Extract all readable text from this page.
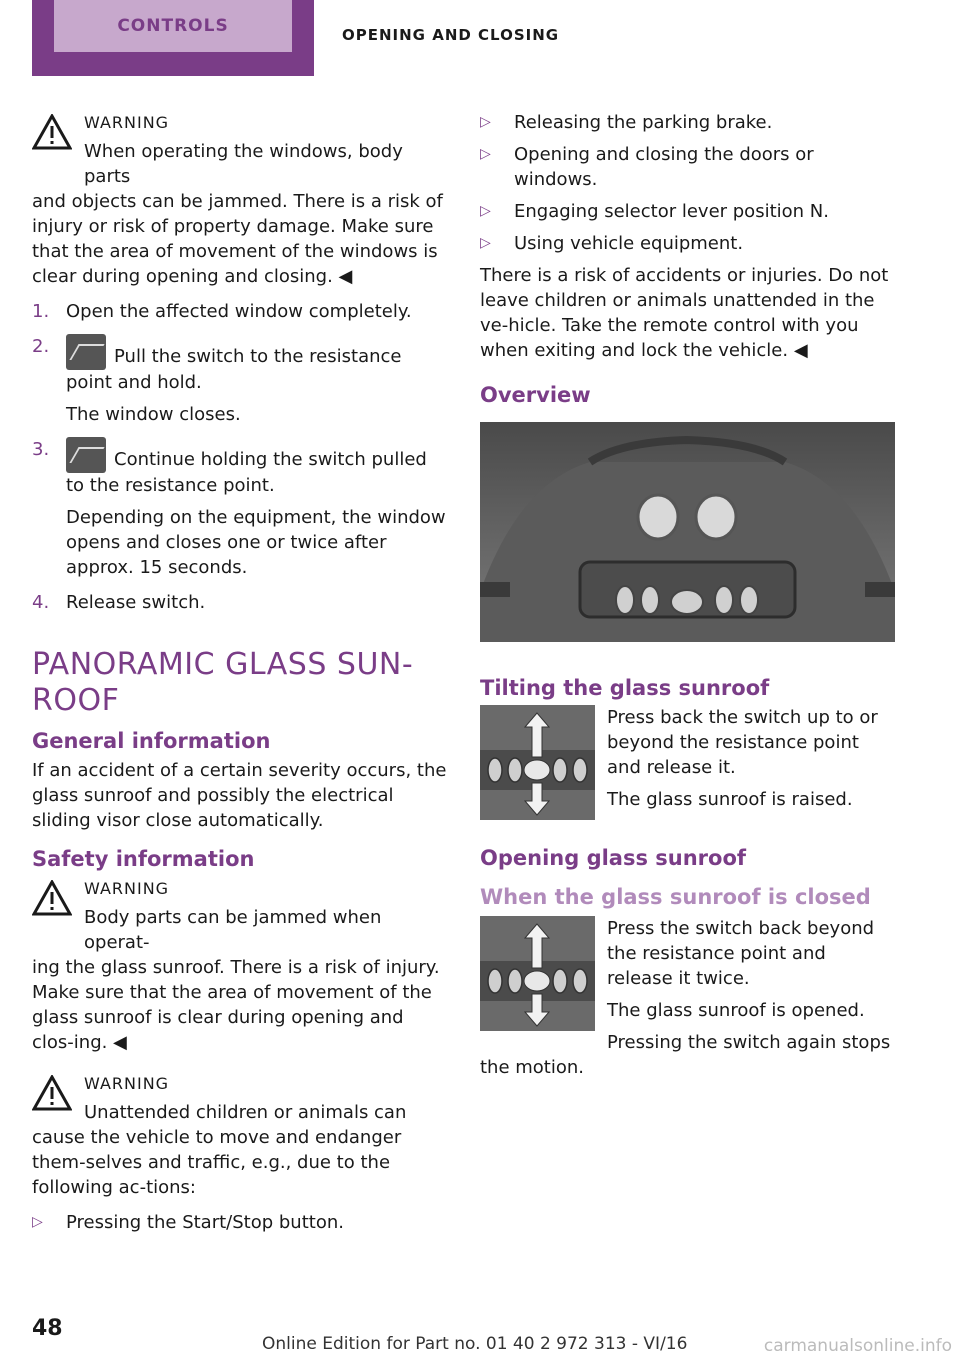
CONTROLS	OPENING AND CLOSING
WARNING
When operating the windows, body parts
and objects can be jammed. There is a risk of injury or risk of property damage. Make sure that the area of movement of the windows is clear during opening and closing. ◀
1. Open the affected window completely.
2.	Pull the switch to the resistance point and hold.
The window closes.
3.	Continue holding the switch pulled to the resistance point.
Depending on the equipment, the window opens and closes one or twice after approx. 15 seconds.
4. Release switch.
PANORAMIC GLASS SUN-ROOF
General information

If an accident of a certain severity occurs, the glass sunroof and possibly the electrical sliding visor close automatically.

Safety information
WARNING
Body parts can be jammed when operat-
ing the glass sunroof. There is a risk of injury. Make sure that the area of movement of the glass sunroof is clear during opening and clos-ing. ◀
WARNING
Unattended children or animals can
cause the vehicle to move and endanger them-selves and traffic, e.g., due to the following ac-tions:
▷ Pressing the Start/Stop button.
▷ Releasing the parking brake.
▷ Opening and closing the doors or windows.
▷ Engaging selector lever position N.
▷ Using vehicle equipment.

There is a risk of accidents or injuries. Do not leave children or animals unattended in the ve-hicle. Take the remote control with you when exiting and lock the vehicle. ◀

Overview
Tilting the glass sunroof

Press back the switch up to or beyond the resistance point and release it.

The glass sunroof is raised.

Opening glass sunroof
When the glass sunroof is closed

Press the switch back beyond the resistance point and release it twice.

The glass sunroof is opened.

Pressing the switch again stops the motion.

48
Online Edition for Part no. 01 40 2 972 313 - VI/16	carmanualsonline.info
